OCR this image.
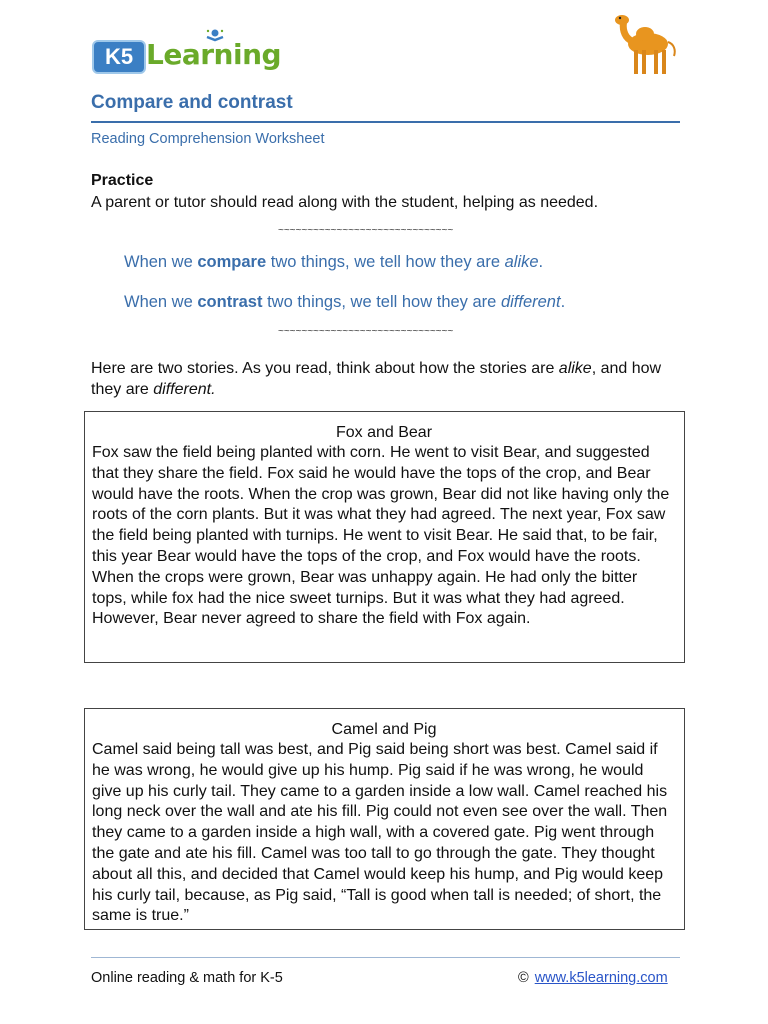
K5 Learning
Compare and contrast
Reading Comprehension Worksheet
Practice
A parent or tutor should read along with the student, helping as needed.
~~~~~~~~~~~~~~~~~~~~~~~~~~~~~~
When we compare two things, we tell how they are alike.
When we contrast two things, we tell how they are different.
~~~~~~~~~~~~~~~~~~~~~~~~~~~~~~
Here are two stories. As you read, think about how the stories are alike, and how they are different.
Fox and Bear
Fox saw the field being planted with corn. He went to visit Bear, and suggested that they share the field. Fox said he would have the tops of the crop, and Bear would have the roots. When the crop was grown, Bear did not like having only the roots of the corn plants. But it was what they had agreed. The next year, Fox saw the field being planted with turnips. He went to visit Bear. He said that, to be fair, this year Bear would have the tops of the crop, and Fox would have the roots. When the crops were grown, Bear was unhappy again. He had only the bitter tops, while fox had the nice sweet turnips. But it was what they had agreed. However, Bear never agreed to share the field with Fox again.
Camel and Pig
Camel said being tall was best, and Pig said being short was best. Camel said if he was wrong, he would give up his hump. Pig said if he was wrong, he would give up his curly tail. They came to a garden inside a low wall. Camel reached his long neck over the wall and ate his fill. Pig could not even see over the wall. Then they came to a garden inside a high wall, with a covered gate. Pig went through the gate and ate his fill. Camel was too tall to go through the gate. They thought about all this, and decided that Camel would keep his hump, and Pig would keep his curly tail, because, as Pig said, “Tall is good when tall is needed; of short, the same is true.”
Online reading & math for K-5	© www.k5learning.com
